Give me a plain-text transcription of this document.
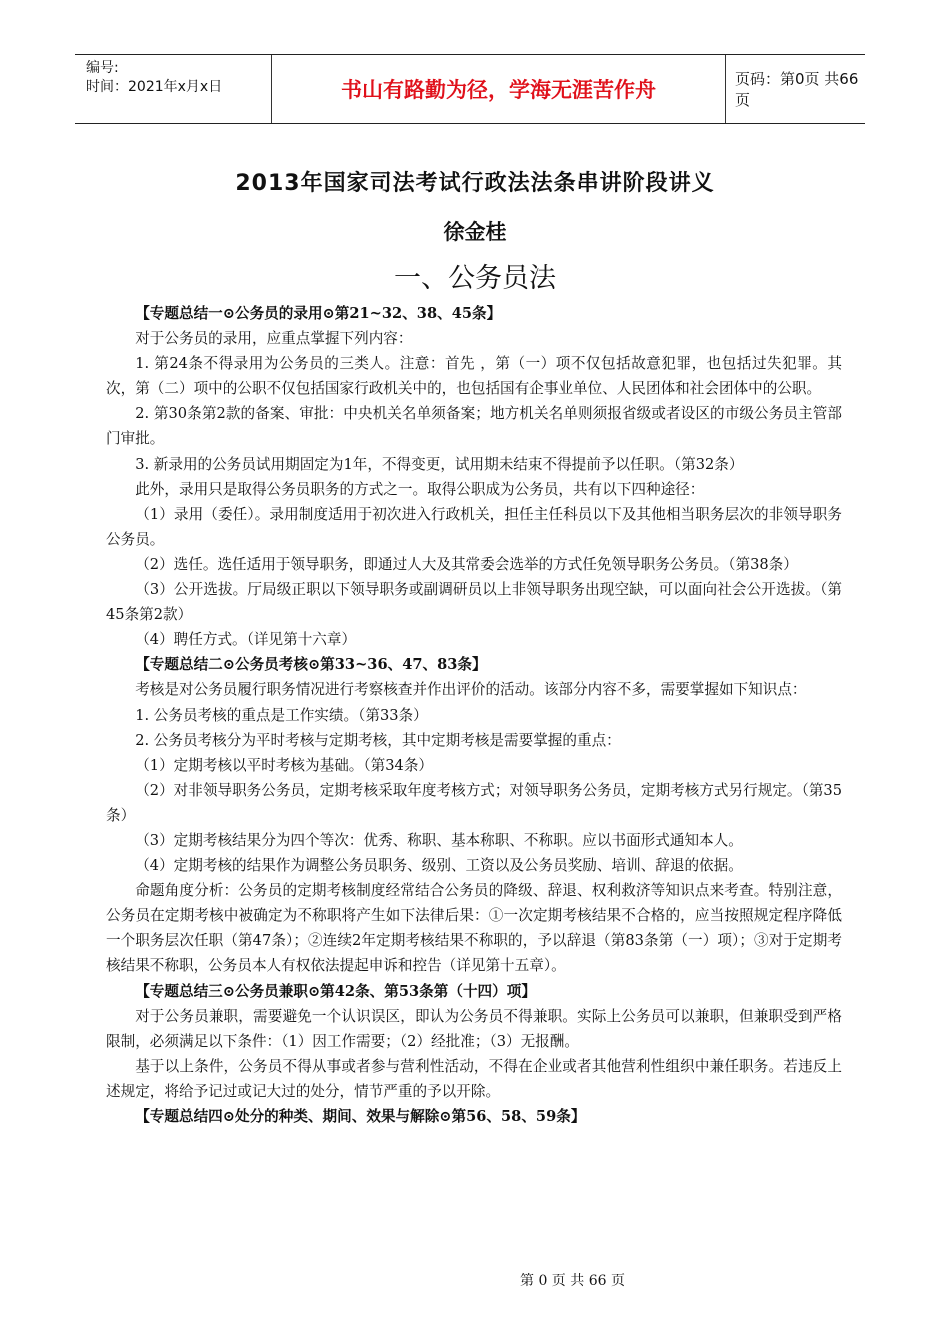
编号:
时间：2021年x月x日	书山有路勤为径，学海无涯苦作舟	页码：第0页 共66页
2013年国家司法考试行政法法条串讲阶段讲义
徐金桂
一、公务员法

【专题总结一⊙公务员的录用⊙第21~32、38、45条】

对于公务员的录用，应重点掌握下列内容：

1. 第24条不得录用为公务员的三类人。注意：首先 ，第（一）项不仅包括故意犯罪，也包括过失犯罪。其次，第（二）项中的公职不仅包括国家行政机关中的，也包括国有企事业单位、人民团体和社会团体中的公职。

2. 第30条第2款的备案、审批：中央机关名单须备案；地方机关名单则须报省级或者设区的市级公务员主管部门审批。

3. 新录用的公务员试用期固定为1年，不得变更，试用期未结束不得提前予以任职。（第32条）

此外，录用只是取得公务员职务的方式之一。取得公职成为公务员，共有以下四种途径：

（1）录用（委任）。录用制度适用于初次进入行政机关，担任主任科员以下及其他相当职务层次的非领导职务公务员。

（2）选任。选任适用于领导职务，即通过人大及其常委会选举的方式任免领导职务公务员。（第38条）

（3）公开选拔。厅局级正职以下领导职务或副调研员以上非领导职务出现空缺，可以面向社会公开选拔。（第45条第2款）

（4）聘任方式。（详见第十六章）

【专题总结二⊙公务员考核⊙第33~36、47、83条】

考核是对公务员履行职务情况进行考察核查并作出评价的活动。该部分内容不多，需要掌握如下知识点：

1. 公务员考核的重点是工作实绩。（第33条）

2. 公务员考核分为平时考核与定期考核，其中定期考核是需要掌握的重点：

（1）定期考核以平时考核为基础。（第34条）

（2）对非领导职务公务员，定期考核采取年度考核方式；对领导职务公务员，定期考核方式另行规定。（第35条）

（3）定期考核结果分为四个等次：优秀、称职、基本称职、不称职。应以书面形式通知本人。

（4）定期考核的结果作为调整公务员职务、级别、工资以及公务员奖励、培训、辞退的依据。

命题角度分析：公务员的定期考核制度经常结合公务员的降级、辞退、权利救济等知识点来考查。特别注意，公务员在定期考核中被确定为不称职将产生如下法律后果：①一次定期考核结果不合格的，应当按照规定程序降低一个职务层次任职（第47条）；②连续2年定期考核结果不称职的，予以辞退（第83条第（一）项）；③对于定期考核结果不称职，公务员本人有权依法提起申诉和控告（详见第十五章）。

【专题总结三⊙公务员兼职⊙第42条、第53条第（十四）项】

对于公务员兼职，需要避免一个认识误区，即认为公务员不得兼职。实际上公务员可以兼职，但兼职受到严格限制，必须满足以下条件：（1）因工作需要；（2）经批准；（3）无报酬。

基于以上条件，公务员不得从事或者参与营利性活动，不得在企业或者其他营利性组织中兼任职务。若违反上述规定，将给予记过或记大过的处分，情节严重的予以开除。

【专题总结四⊙处分的种类、期间、效果与解除⊙第56、58、59条】

第 0 页 共 66 页
